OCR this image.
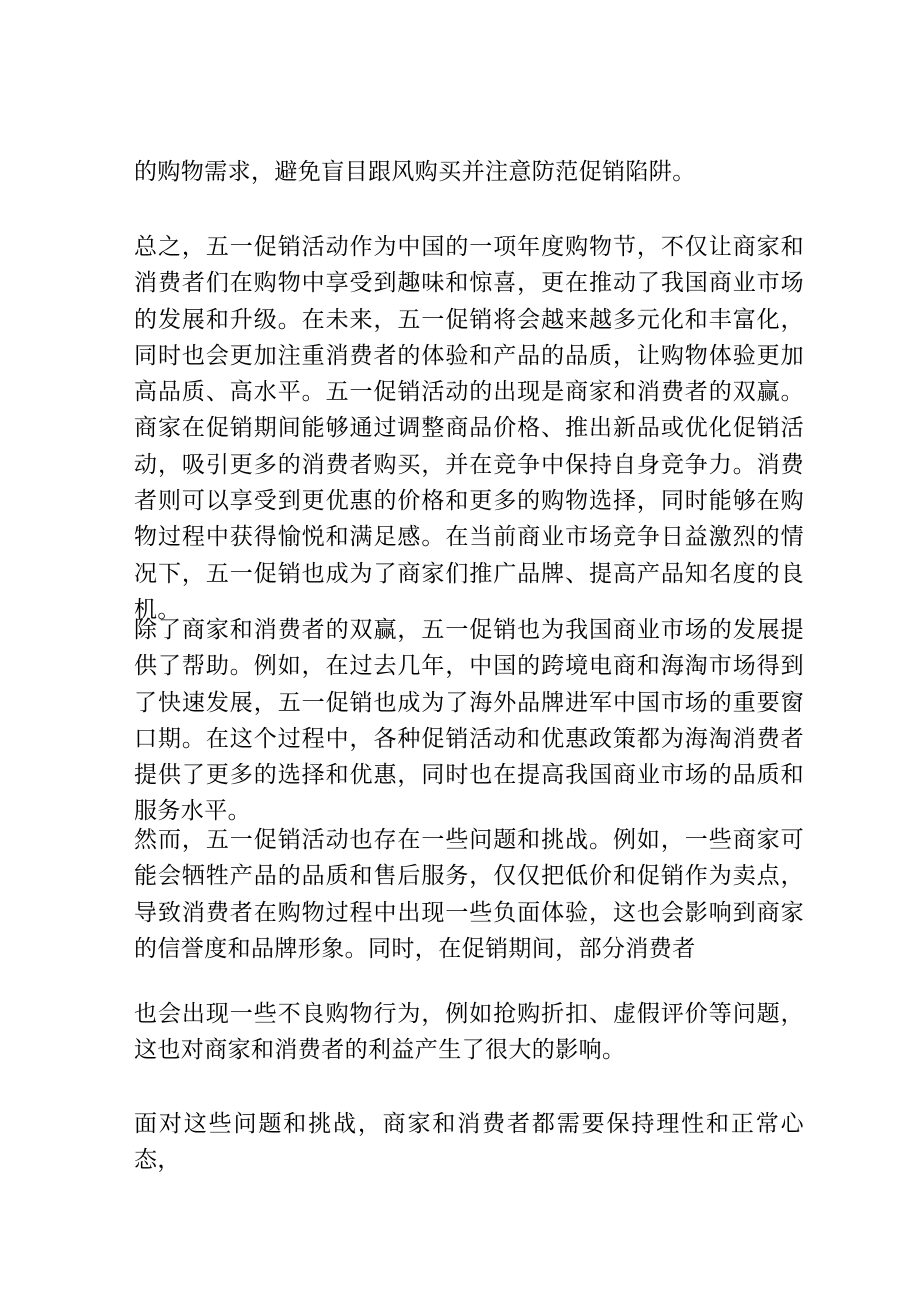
的购物需求，避免盲目跟风购买并注意防范促销陷阱。

总之，五一促销活动作为中国的一项年度购物节，不仅让商家和消费者们在购物中享受到趣味和惊喜，更在推动了我国商业市场的发展和升级。在未来，五一促销将会越来越多元化和丰富化，同时也会更加注重消费者的体验和产品的品质，让购物体验更加高品质、高水平。五一促销活动的出现是商家和消费者的双赢。商家在促销期间能够通过调整商品价格、推出新品或优化促销活动，吸引更多的消费者购买，并在竞争中保持自身竞争力。消费者则可以享受到更优惠的价格和更多的购物选择，同时能够在购物过程中获得愉悦和满足感。在当前商业市场竞争日益激烈的情况下，五一促销也成为了商家们推广品牌、提高产品知名度的良机。

除了商家和消费者的双赢，五一促销也为我国商业市场的发展提供了帮助。例如，在过去几年，中国的跨境电商和海淘市场得到了快速发展，五一促销也成为了海外品牌进军中国市场的重要窗口期。在这个过程中，各种促销活动和优惠政策都为海淘消费者提供了更多的选择和优惠，同时也在提高我国商业市场的品质和服务水平。

然而，五一促销活动也存在一些问题和挑战。例如，一些商家可能会牺牲产品的品质和售后服务，仅仅把低价和促销作为卖点，导致消费者在购物过程中出现一些负面体验，这也会影响到商家的信誉度和品牌形象。同时，在促销期间，部分消费者

也会出现一些不良购物行为，例如抢购折扣、虚假评价等问题，这也对商家和消费者的利益产生了很大的影响。

面对这些问题和挑战，商家和消费者都需要保持理性和正常心态，
